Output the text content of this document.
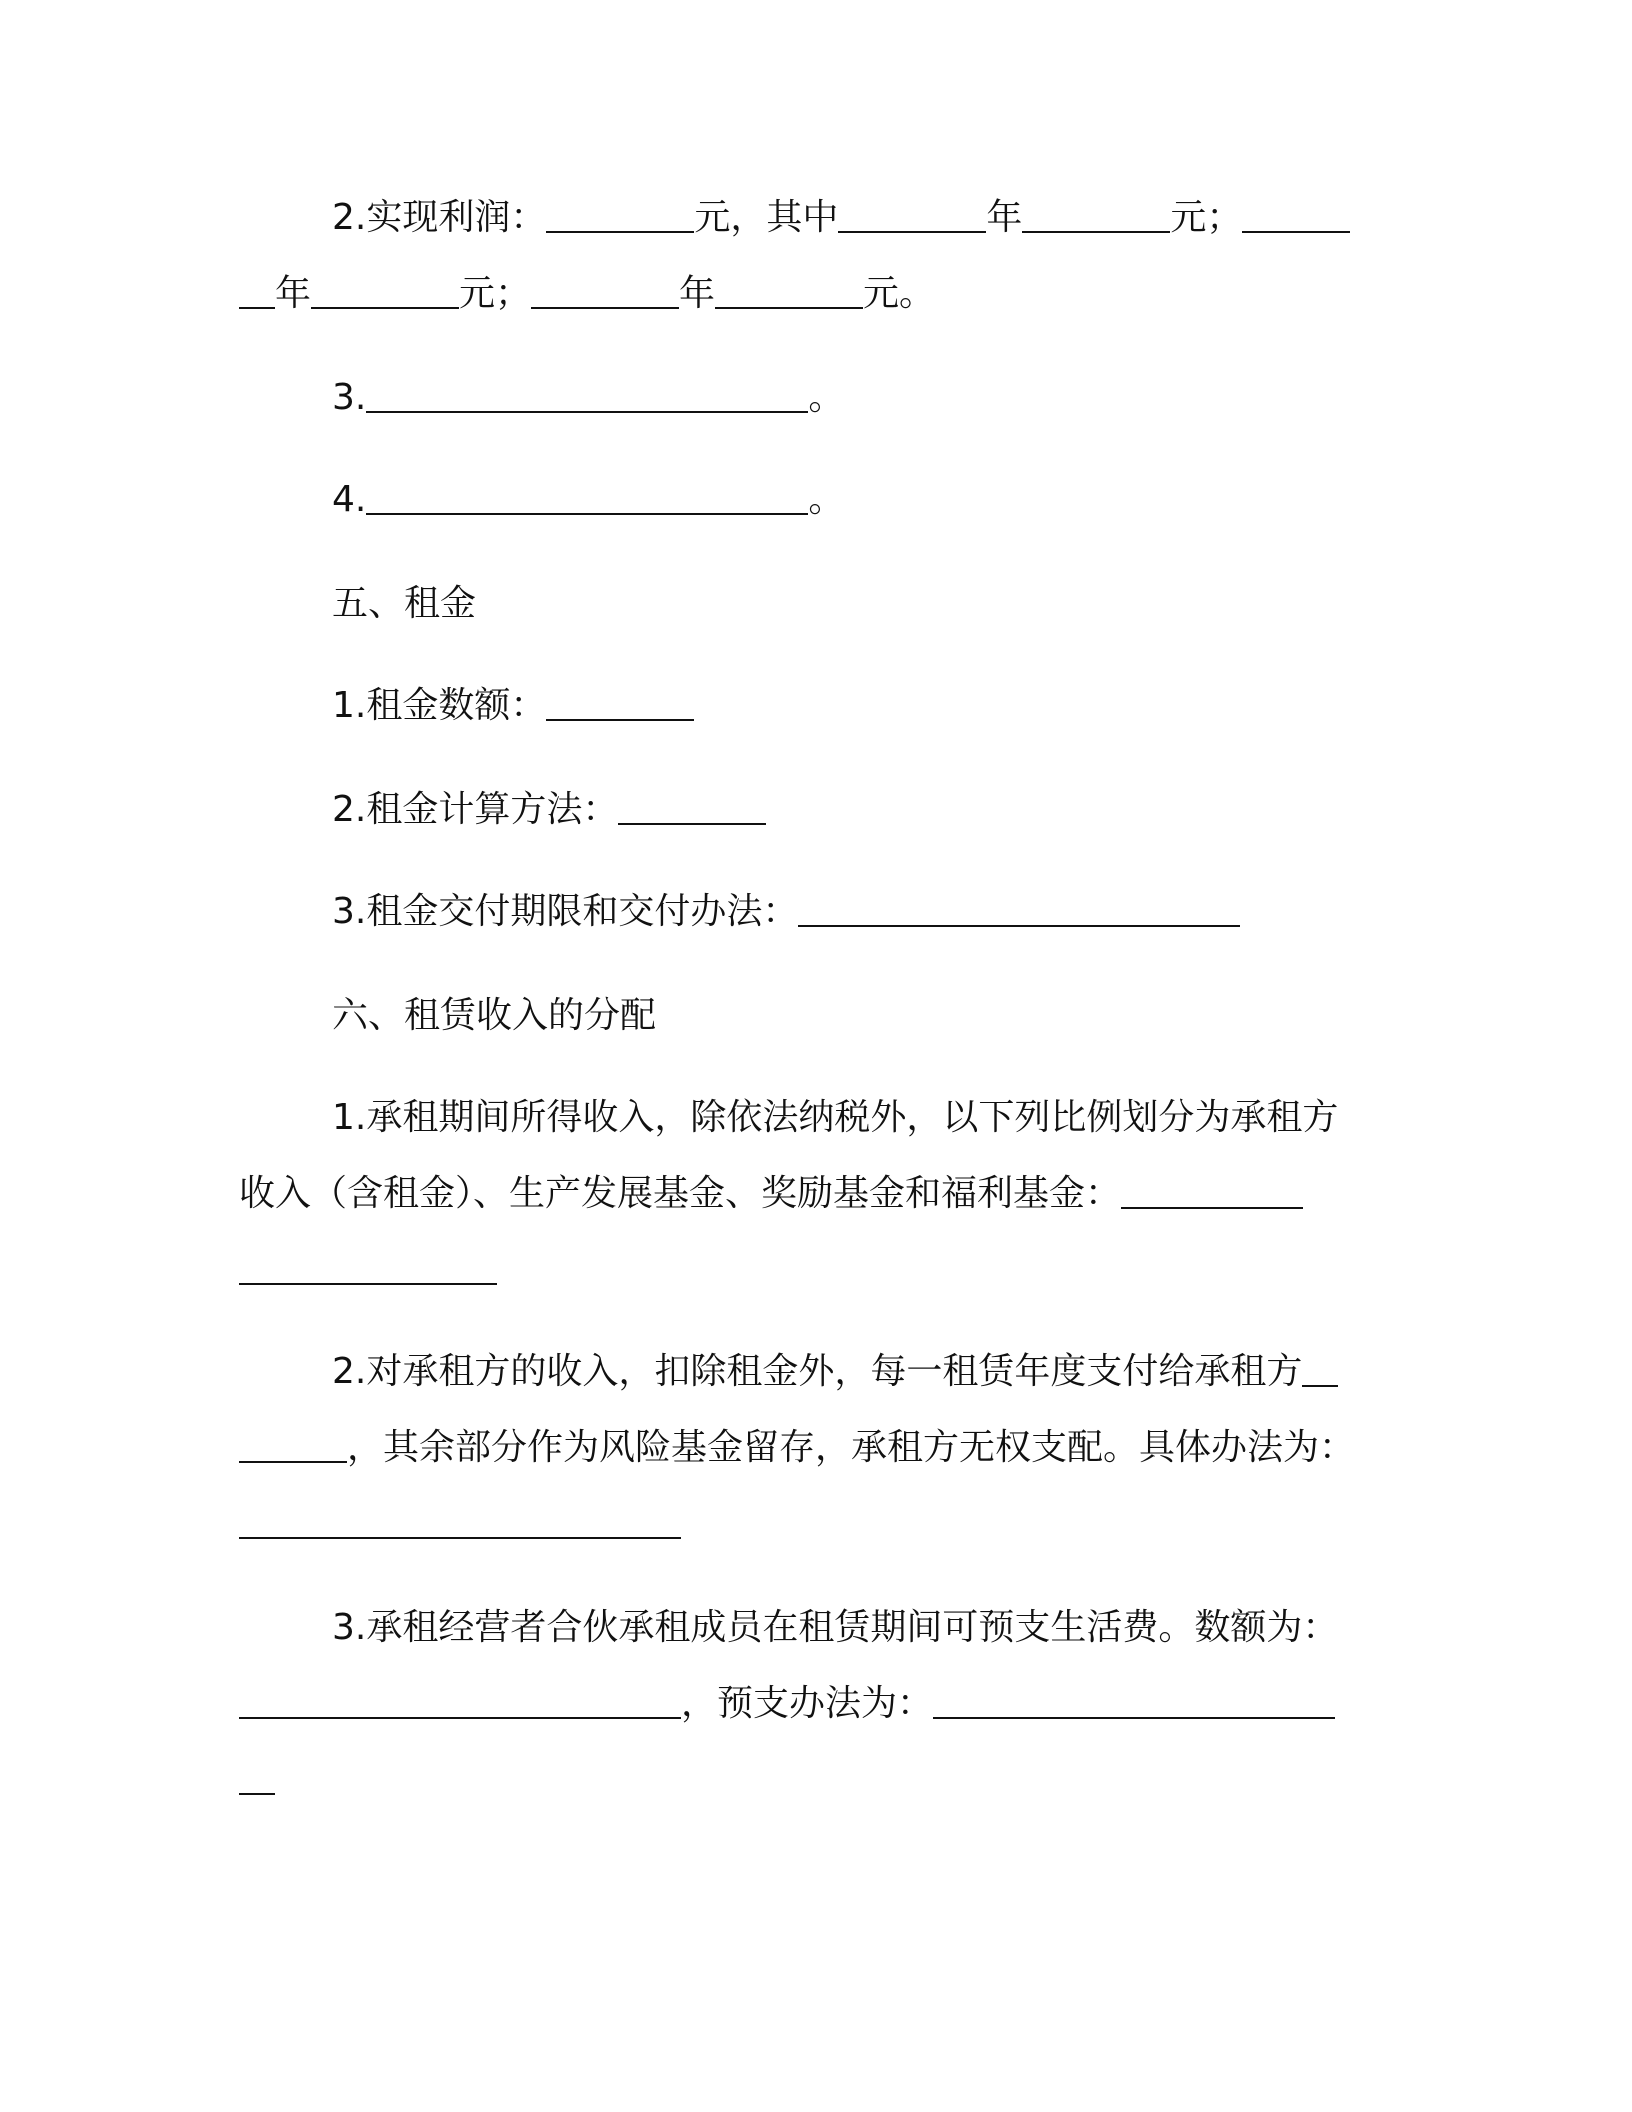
2.实现利润：	元，其中	年	元；
年	元；	年	元。
3.	。
4.	。
五、租金
1.租金数额：
2.租金计算方法：
3.租金交付期限和交付办法：
六、租赁收入的分配
1.承租期间所得收入，除依法纳税外，以下列比例划分为承租方
收入（含租金）、生产发展基金、奖励基金和福利基金：
2.对承租方的收入，扣除租金外，每一租赁年度支付给承租方
，其余部分作为风险基金留存，承租方无权支配。具体办法为：
3.承租经营者合伙承租成员在租赁期间可预支生活费。数额为：
，预支办法为：
